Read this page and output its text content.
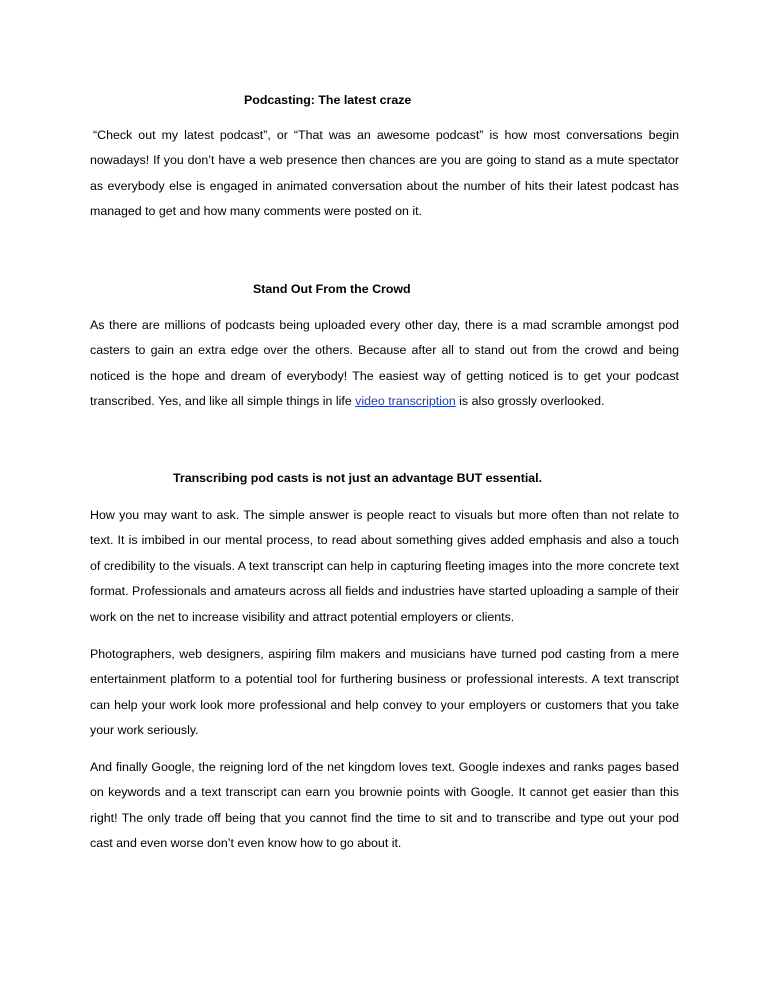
Podcasting: The latest craze

“Check out my latest podcast”, or “That was an awesome podcast” is how most conversations begin nowadays! If you don’t have a web presence then chances are you are going to stand as a mute spectator as everybody else is engaged in animated conversation about the number of hits their latest podcast has managed to get and how many comments were posted on it.

Stand Out From the Crowd

As there are millions of podcasts being uploaded every other day, there is a mad scramble amongst pod casters to gain an extra edge over the others. Because after all to stand out from the crowd and being noticed is the hope and dream of everybody! The easiest way of getting noticed is to get your podcast transcribed. Yes, and like all simple things in life video transcription is also grossly overlooked.

Transcribing pod casts is not just an advantage BUT essential.

How you may want to ask. The simple answer is people react to visuals but more often than not relate to text. It is imbibed in our mental process, to read about something gives added emphasis and also a touch of credibility to the visuals. A text transcript can help in capturing fleeting images into the more concrete text format. Professionals and amateurs across all fields and industries have started uploading a sample of their work on the net to increase visibility and attract potential employers or clients.

Photographers, web designers, aspiring film makers and musicians have turned pod casting from a mere entertainment platform to a potential tool for furthering business or professional interests. A text transcript can help your work look more professional and help convey to your employers or customers that you take your work seriously.

And finally Google, the reigning lord of the net kingdom loves text. Google indexes and ranks pages based on keywords and a text transcript can earn you brownie points with Google. It cannot get easier than this right! The only trade off being that you cannot find the time to sit and to transcribe and type out your pod cast and even worse don’t even know how to go about it.
